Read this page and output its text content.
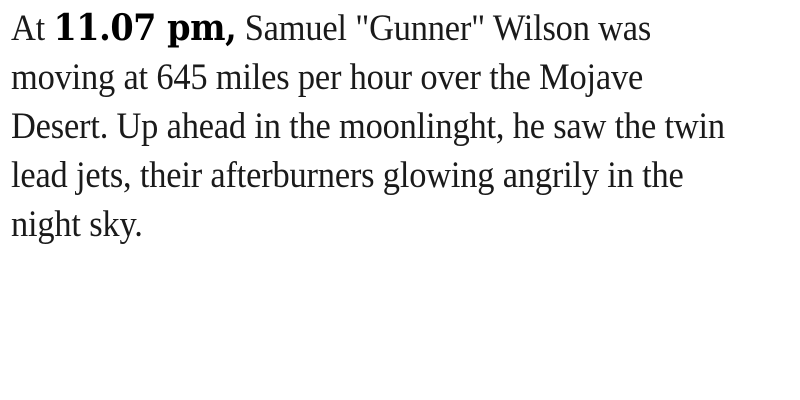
At 11.07 pm, Samuel "Gunner" Wilson was moving at 645 miles per hour over the Mojave Desert. Up ahead in the moonlinght, he saw the twin lead jets, their afterburners glowing angrily in the night sky.
